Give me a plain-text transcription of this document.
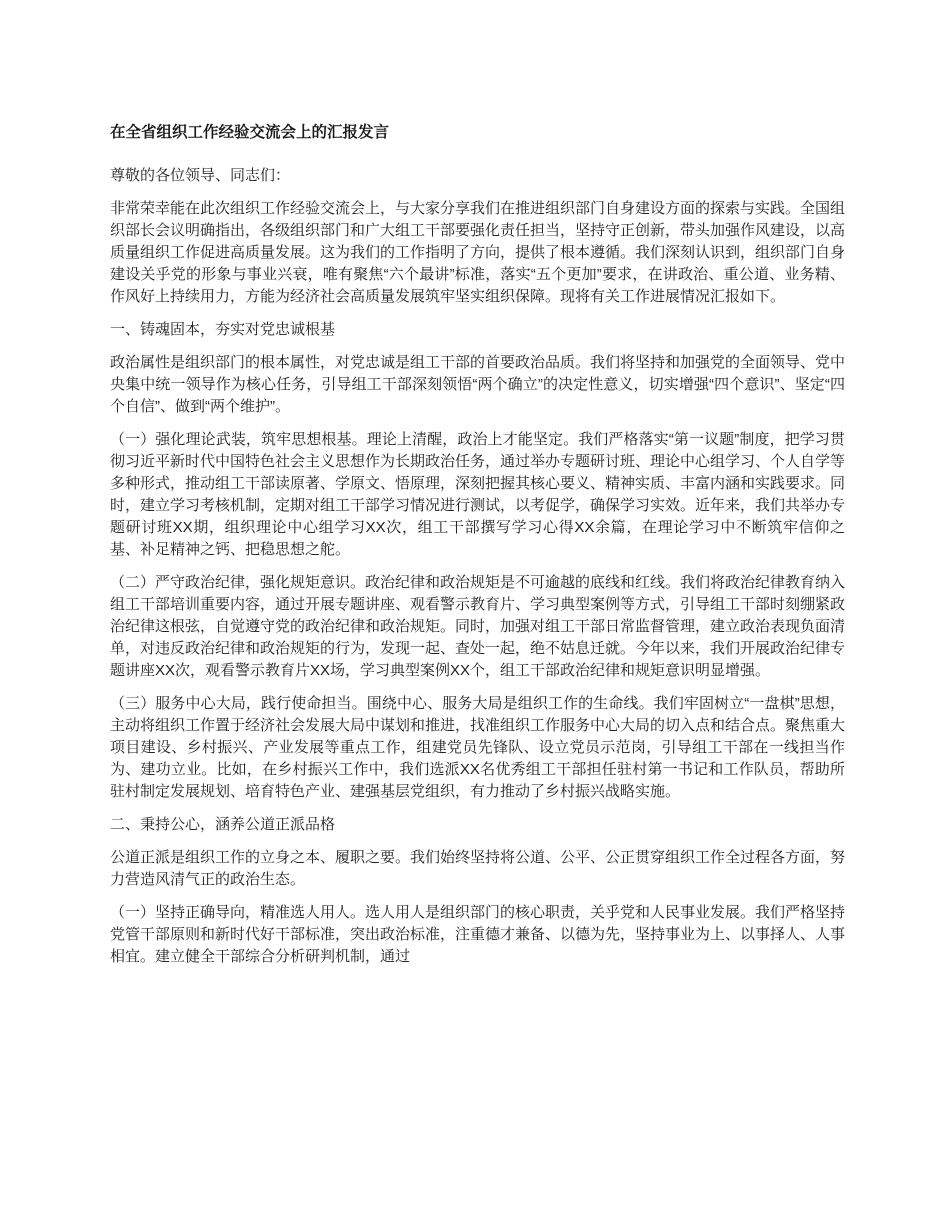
在全省组织工作经验交流会上的汇报发言

尊敬的各位领导、同志们：

非常荣幸能在此次组织工作经验交流会上，与大家分享我们在推进组织部门自身建设方面的探索与实践。全国组织部长会议明确指出，各级组织部门和广大组工干部要强化责任担当，坚持守正创新，带头加强作风建设，以高质量组织工作促进高质量发展。这为我们的工作指明了方向，提供了根本遵循。我们深刻认识到，组织部门自身建设关乎党的形象与事业兴衰，唯有聚焦“六个最讲”标准，落实“五个更加”要求，在讲政治、重公道、业务精、作风好上持续用力，方能为经济社会高质量发展筑牢坚实组织保障。现将有关工作进展情况汇报如下。

一、铸魂固本，夯实对党忠诚根基

政治属性是组织部门的根本属性，对党忠诚是组工干部的首要政治品质。我们将坚持和加强党的全面领导、党中央集中统一领导作为核心任务，引导组工干部深刻领悟“两个确立”的决定性意义，切实增强“四个意识”、坚定“四个自信”、做到“两个维护”。

（一）强化理论武装，筑牢思想根基。理论上清醒，政治上才能坚定。我们严格落实“第一议题”制度，把学习贯彻习近平新时代中国特色社会主义思想作为长期政治任务，通过举办专题研讨班、理论中心组学习、个人自学等多种形式，推动组工干部读原著、学原文、悟原理，深刻把握其核心要义、精神实质、丰富内涵和实践要求。同时，建立学习考核机制，定期对组工干部学习情况进行测试，以考促学，确保学习实效。近年来，我们共举办专题研讨班XX期，组织理论中心组学习XX次，组工干部撰写学习心得XX余篇，在理论学习中不断筑牢信仰之基、补足精神之钙、把稳思想之舵。

（二）严守政治纪律，强化规矩意识。政治纪律和政治规矩是不可逾越的底线和红线。我们将政治纪律教育纳入组工干部培训重要内容，通过开展专题讲座、观看警示教育片、学习典型案例等方式，引导组工干部时刻绷紧政治纪律这根弦，自觉遵守党的政治纪律和政治规矩。同时，加强对组工干部日常监督管理，建立政治表现负面清单，对违反政治纪律和政治规矩的行为，发现一起、查处一起，绝不姑息迁就。今年以来，我们开展政治纪律专题讲座XX次，观看警示教育片XX场，学习典型案例XX个，组工干部政治纪律和规矩意识明显增强。

（三）服务中心大局，践行使命担当。围绕中心、服务大局是组织工作的生命线。我们牢固树立“一盘棋”思想，主动将组织工作置于经济社会发展大局中谋划和推进，找准组织工作服务中心大局的切入点和结合点。聚焦重大项目建设、乡村振兴、产业发展等重点工作，组建党员先锋队、设立党员示范岗，引导组工干部在一线担当作为、建功立业。比如，在乡村振兴工作中，我们选派XX名优秀组工干部担任驻村第一书记和工作队员，帮助所驻村制定发展规划、培育特色产业、建强基层党组织，有力推动了乡村振兴战略实施。

二、秉持公心，涵养公道正派品格

公道正派是组织工作的立身之本、履职之要。我们始终坚持将公道、公平、公正贯穿组织工作全过程各方面，努力营造风清气正的政治生态。

（一）坚持正确导向，精准选人用人。选人用人是组织部门的核心职责，关乎党和人民事业发展。我们严格坚持党管干部原则和新时代好干部标准，突出政治标准，注重德才兼备、以德为先，坚持事业为上、以事择人、人事相宜。建立健全干部综合分析研判机制，通过
